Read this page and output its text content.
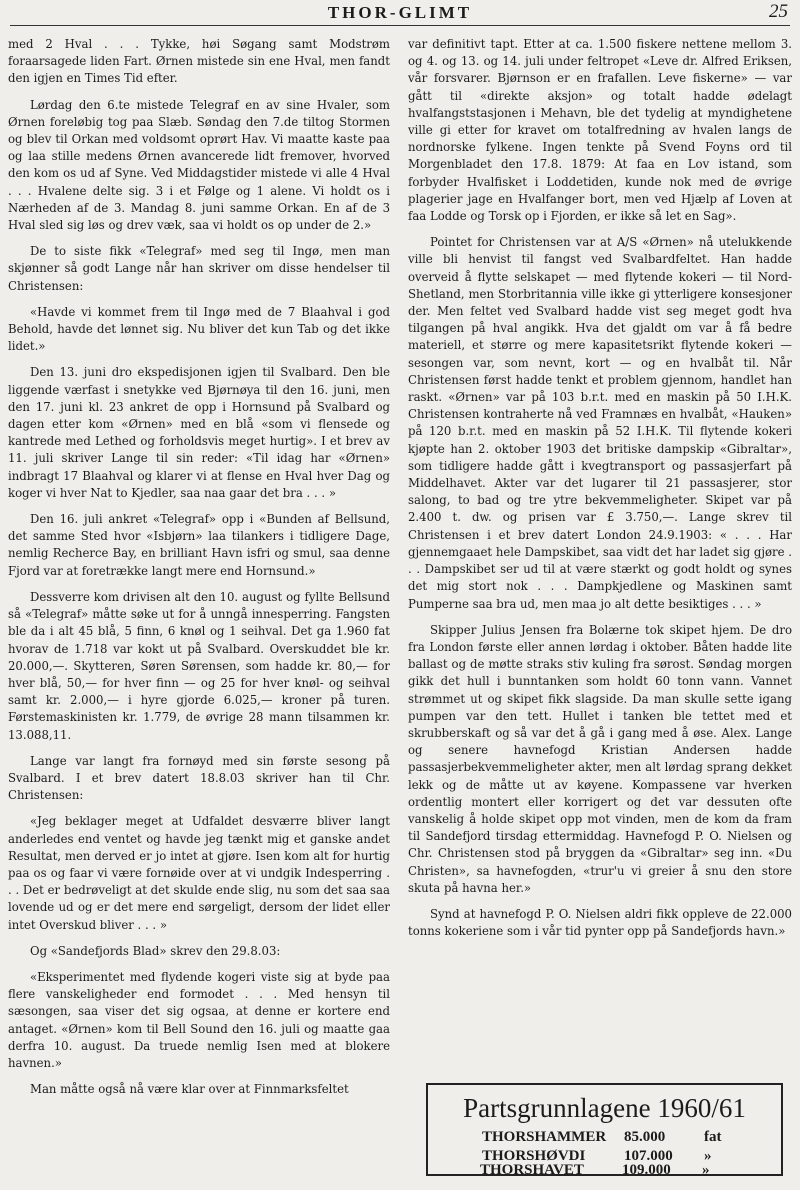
THOR-GLIMT	25

med 2 Hval . . . Tykke, høi Søgang samt Modstrøm foraarsagede liden Fart. Ørnen mistede sin ene Hval, men fandt den igjen en Times Tid efter.

Lørdag den 6.te mistede Telegraf en av sine Hvaler, som Ørnen foreløbig tog paa Slæb. Søndag den 7.de tiltog Stormen og blev til Orkan med voldsomt oprørt Hav. Vi maatte kaste paa og laa stille medens Ørnen avancerede lidt fremover, hvorved den kom os ud af Syne. Ved Middagstider mistede vi alle 4 Hval . . . Hvalene delte sig. 3 i et Følge og 1 alene. Vi holdt os i Nærheden af de 3. Mandag 8. juni samme Orkan. En af de 3 Hval sled sig løs og drev væk, saa vi holdt os op under de 2.»

De to siste fikk «Telegraf» med seg til Ingø, men man skjønner så godt Lange når han skriver om disse hendelser til Christensen:

«Havde vi kommet frem til Ingø med de 7 Blaahval i god Behold, havde det lønnet sig. Nu bliver det kun Tab og det ikke lidet.»

Den 13. juni dro ekspedisjonen igjen til Svalbard. Den ble liggende værfast i snetykke ved Bjørnøya til den 16. juni, men den 17. juni kl. 23 ankret de opp i Hornsund på Svalbard og dagen etter kom «Ørnen» med en blå «som vi flensede og kantrede med Lethed og forholdsvis meget hurtig». I et brev av 11. juli skriver Lange til sin reder: «Til idag har «Ørnen» indbragt 17 Blaahval og klarer vi at flense en Hval hver Dag og koger vi hver Nat to Kjedler, saa naa gaar det bra . . . »

Den 16. juli ankret «Telegraf» opp i «Bunden af Bellsund, det samme Sted hvor «Isbjørn» laa tilankers i tidligere Dage, nemlig Recherce Bay, en brilliant Havn isfri og smul, saa denne Fjord var at foretrække langt mere end Hornsund.»

Dessverre kom drivisen alt den 10. august og fyllte Bellsund så «Telegraf» måtte søke ut for å unngå innesperring. Fangsten ble da i alt 45 blå, 5 finn, 6 knøl og 1 seihval. Det ga 1.960 fat hvorav de 1.718 var kokt ut på Svalbard. Overskuddet ble kr. 20.000,—. Skytteren, Søren Sørensen, som hadde kr. 80,— for hver blå, 50,— for hver finn — og 25 for hver knøl- og seihval samt kr. 2.000,— i hyre gjorde 6.025,— kroner på turen. Førstemaskinisten kr. 1.779, de øvrige 28 mann tilsammen kr. 13.088,11.

Lange var langt fra fornøyd med sin første sesong på Svalbard. I et brev datert 18.8.03 skriver han til Chr. Christensen:

«Jeg beklager meget at Udfaldet desværre bliver langt anderledes end ventet og havde jeg tænkt mig et ganske andet Resultat, men derved er jo intet at gjøre. Isen kom alt for hurtig paa os og faar vi være fornøide over at vi undgik Indesperring . . . Det er bedrøveligt at det skulde ende slig, nu som det saa saa lovende ud og er det mere end sørgeligt, dersom der lidet eller intet Overskud bliver . . . »

Og «Sandefjords Blad» skrev den 29.8.03:

«Eksperimentet med flydende kogeri viste sig at byde paa flere vanskeligheder end formodet . . . Med hensyn til sæsongen, saa viser det sig ogsaa, at denne er kortere end antaget. «Ørnen» kom til Bell Sound den 16. juli og maatte gaa derfra 10. august. Da truede nemlig Isen med at blokere havnen.»

Man måtte også nå være klar over at Finnmarksfeltet

var definitivt tapt. Etter at ca. 1.500 fiskere nettene mellom 3. og 4. og 13. og 14. juli under feltropet «Leve dr. Alfred Eriksen, vår forsvarer. Bjørnson er en frafallen. Leve fiskerne» — var gått til «direkte aksjon» og totalt hadde ødelagt hvalfangststasjonen i Mehavn, ble det tydelig at myndighetene ville gi etter for kravet om totalfredning av hvalen langs de nordnorske fylkene. Ingen tenkte på Svend Foyns ord til Morgenbladet den 17.8. 1879: At faa en Lov istand, som forbyder Hvalfisket i Loddetiden, kunde nok med de øvrige plagerier jage en Hvalfanger bort, men ved Hjælp af Loven at faa Lodde og Torsk op i Fjorden, er ikke så let en Sag».

Pointet for Christensen var at A/S «Ørnen» nå utelukkende ville bli henvist til fangst ved Svalbardfeltet. Han hadde overveid å flytte selskapet — med flytende kokeri — til Nord-Shetland, men Storbritannia ville ikke gi ytterligere konsesjoner der. Men feltet ved Svalbard hadde vist seg meget godt hva tilgangen på hval angikk. Hva det gjaldt om var å få bedre materiell, et større og mere kapasitetsrikt flytende kokeri — sesongen var, som nevnt, kort — og en hvalbåt til. Når Christensen først hadde tenkt et problem gjennom, handlet han raskt. «Ørnen» var på 103 b.r.t. med en maskin på 50 I.H.K. Christensen kontraherte nå ved Framnæs en hvalbåt, «Hauken» på 120 b.r.t. med en maskin på 52 I.H.K. Til flytende kokeri kjøpte han 2. oktober 1903 det britiske dampskip «Gibraltar», som tidligere hadde gått i kvegtransport og passasjerfart på Middelhavet. Akter var det lugarer til 21 passasjerer, stor salong, to bad og tre ytre bekvemmeligheter. Skipet var på 2.400 t. dw. og prisen var £ 3.750,—. Lange skrev til Christensen i et brev datert London 24.9.1903: « . . . Har gjennemgaaet hele Dampskibet, saa vidt det har ladet sig gjøre . . . Dampskibet ser ud til at være stærkt og godt holdt og synes det mig stort nok . . . Dampkjedlene og Maskinen samt Pumperne saa bra ud, men maa jo alt dette besiktiges . . . »

Skipper Julius Jensen fra Bolærne tok skipet hjem. De dro fra London første eller annen lørdag i oktober. Båten hadde lite ballast og de møtte straks stiv kuling fra sørost. Søndag morgen gikk det hull i bunntanken som holdt 60 tonn vann. Vannet strømmet ut og skipet fikk slagside. Da man skulle sette igang pumpen var den tett. Hullet i tanken ble tettet med et skrubberskaft og så var det å gå i gang med å øse. Alex. Lange og senere havnefogd Kristian Andersen hadde passasjerbekvemmeligheter akter, men alt lørdag sprang dekket lekk og de måtte ut av køyene. Kompassene var hverken ordentlig montert eller korrigert og det var dessuten ofte vanskelig å holde skipet opp mot vinden, men de kom da fram til Sandefjord tirsdag ettermiddag. Havnefogd P. O. Nielsen og Chr. Christensen stod på bryggen da «Gibraltar» seg inn. «Du Christen», sa havnefogden, «trur'u vi greier å snu den store skuta på havna her.»

Synd at havnefogd P. O. Nielsen aldri fikk oppleve de 22.000 tonns kokeriene som i vår tid pynter opp på Sandefjords havn.»

Partsgrunnlagene 1960/61
THORSHAMMER 85.000	fat
THORSHØVDI	107.000 »
THORSHAVET	109.000 »
